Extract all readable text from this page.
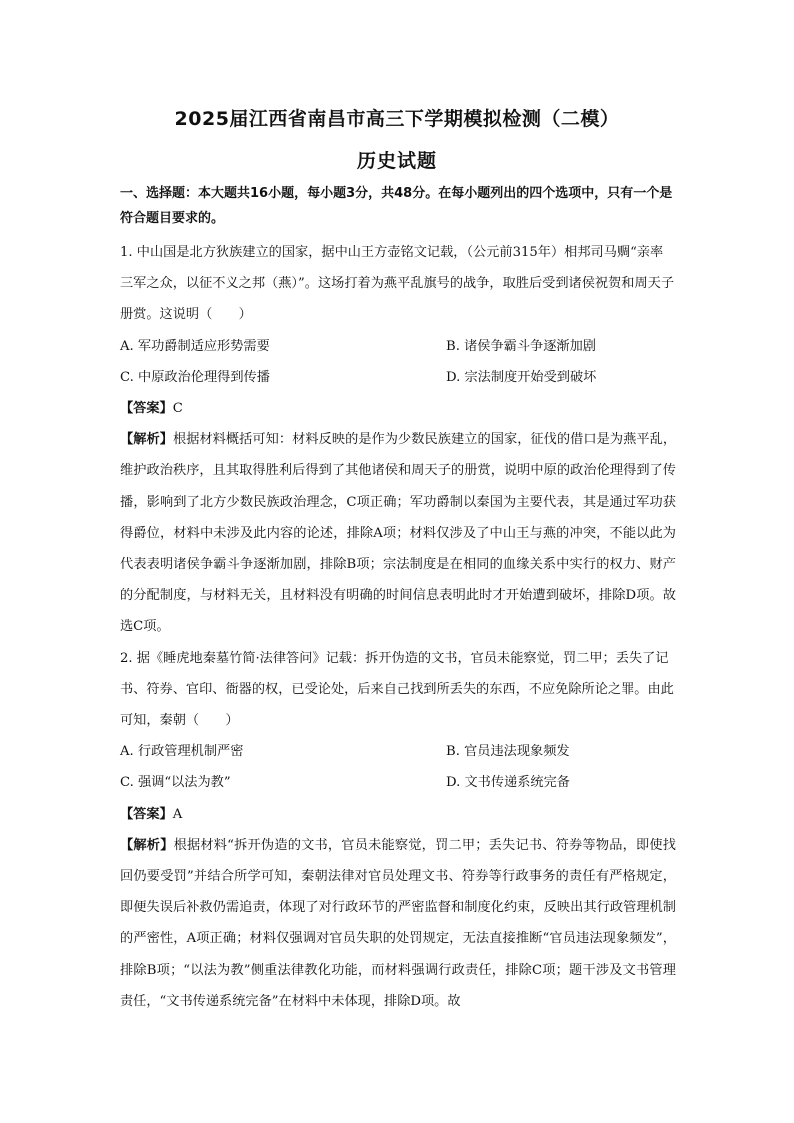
2025届江西省南昌市高三下学期模拟检测（二模）
历史试题
一、选择题：本大题共16小题，每小题3分，共48分。在每小题列出的四个选项中，只有一个是符合题目要求的。

1. 中山国是北方狄族建立的国家，据中山王方壶铭文记载，（公元前315年）相邦司马赒“亲率三军之众，以征不义之邦（燕）”。这场打着为燕平乱旗号的战争，取胜后受到诸侯祝贺和周天子册赏。这说明（　　）

A. 军功爵制适应形势需要	B. 诸侯争霸斗争逐渐加剧
C. 中原政治伦理得到传播	D. 宗法制度开始受到破坏

【答案】C

【解析】根据材料概括可知：材料反映的是作为少数民族建立的国家，征伐的借口是为燕平乱，维护政治秩序，且其取得胜利后得到了其他诸侯和周天子的册赏，说明中原的政治伦理得到了传播，影响到了北方少数民族政治理念，C项正确；军功爵制以秦国为主要代表，其是通过军功获得爵位，材料中未涉及此内容的论述，排除A项；材料仅涉及了中山王与燕的冲突，不能以此为代表表明诸侯争霸斗争逐渐加剧，排除B项；宗法制度是在相同的血缘关系中实行的权力、财产的分配制度，与材料无关，且材料没有明确的时间信息表明此时才开始遭到破坏，排除D项。故选C项。

2. 据《睡虎地秦墓竹简·法律答问》记载：拆开伪造的文书，官员未能察觉，罚二甲；丢失了记书、符券、官印、衙器的权，已受论处，后来自己找到所丢失的东西，不应免除所论之罪。由此可知，秦朝（　　）

A. 行政管理机制严密	B. 官员违法现象频发
C. 强调“以法为教”	D. 文书传递系统完备

【答案】A

【解析】根据材料“拆开伪造的文书，官员未能察觉，罚二甲；丢失记书、符券等物品，即使找回仍要受罚”并结合所学可知，秦朝法律对官员处理文书、符券等行政事务的责任有严格规定，即便失误后补救仍需追责，体现了对行政环节的严密监督和制度化约束，反映出其行政管理机制的严密性，A项正确；材料仅强调对官员失职的处罚规定，无法直接推断“官员违法现象频发”，排除B项；“以法为教”侧重法律教化功能，而材料强调行政责任，排除C项；题干涉及文书管理责任，“文书传递系统完备”在材料中未体现，排除D项。故
